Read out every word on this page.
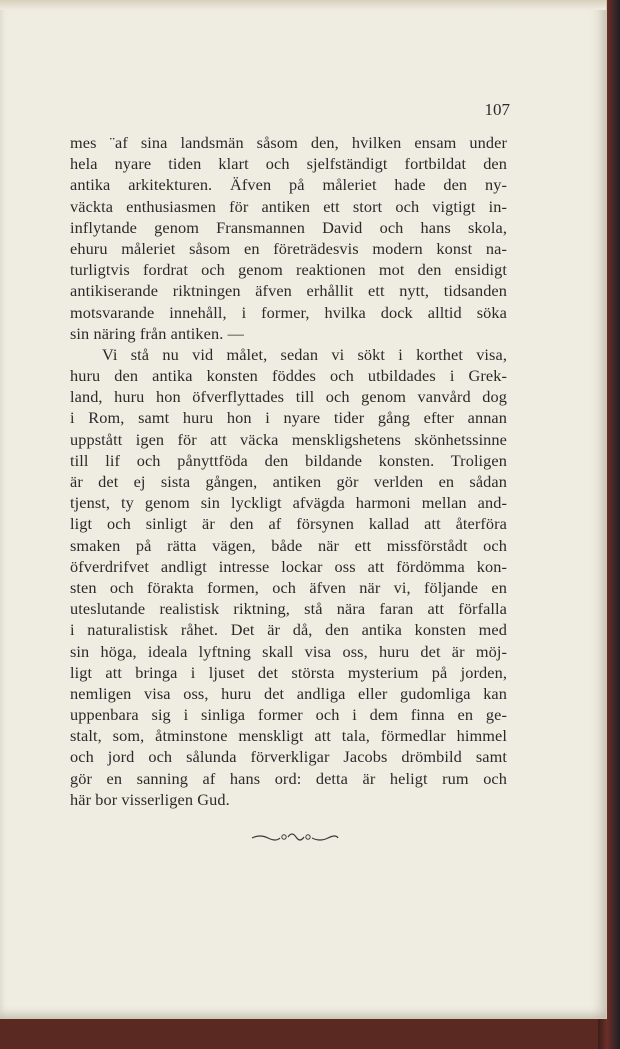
107
mes ¨af sina landsmän såsom den, hvilken ensam under
hela nyare tiden klart och sjelfständigt fortbildat den
antika arkitekturen. Äfven på måleriet hade den ny-
väckta enthusiasmen för antiken ett stort och vigtigt in-
inflytande genom Fransmannen David och hans skola,
ehuru måleriet såsom en företrädesvis modern konst na-
turligtvis fordrat och genom reaktionen mot den ensidigt
antikiserande riktningen äfven erhållit ett nytt, tidsanden
motsvarande innehåll, i former, hvilka dock alltid söka
sin näring från antiken. —
Vi stå nu vid målet, sedan vi sökt i korthet visa,
huru den antika konsten föddes och utbildades i Grek-
land, huru hon öfverflyttades till och genom vanvård dog
i Rom, samt huru hon i nyare tider gång efter annan
uppstått igen för att väcka menskligshetens skönhetssinne
till lif och pånyttföda den bildande konsten. Troligen
är det ej sista gången, antiken gör verlden en sådan
tjenst, ty genom sin lyckligt afvägda harmoni mellan and-
ligt och sinligt är den af försynen kallad att återföra
smaken på rätta vägen, både när ett missförstådt och
öfverdrifvet andligt intresse lockar oss att fördömma kon-
sten och förakta formen, och äfven när vi, följande en
uteslutande realistisk riktning, stå nära faran att förfalla
i naturalistisk råhet. Det är då, den antika konsten med
sin höga, ideala lyftning skall visa oss, huru det är möj-
ligt att bringa i ljuset det största mysterium på jorden,
nemligen visa oss, huru det andliga eller gudomliga kan
uppenbara sig i sinliga former och i dem finna en ge-
stalt, som, åtminstone menskligt att tala, förmedlar himmel
och jord och sålunda förverkligar Jacobs drömbild samt
gör en sanning af hans ord: detta är heligt rum och
här bor visserligen Gud.
